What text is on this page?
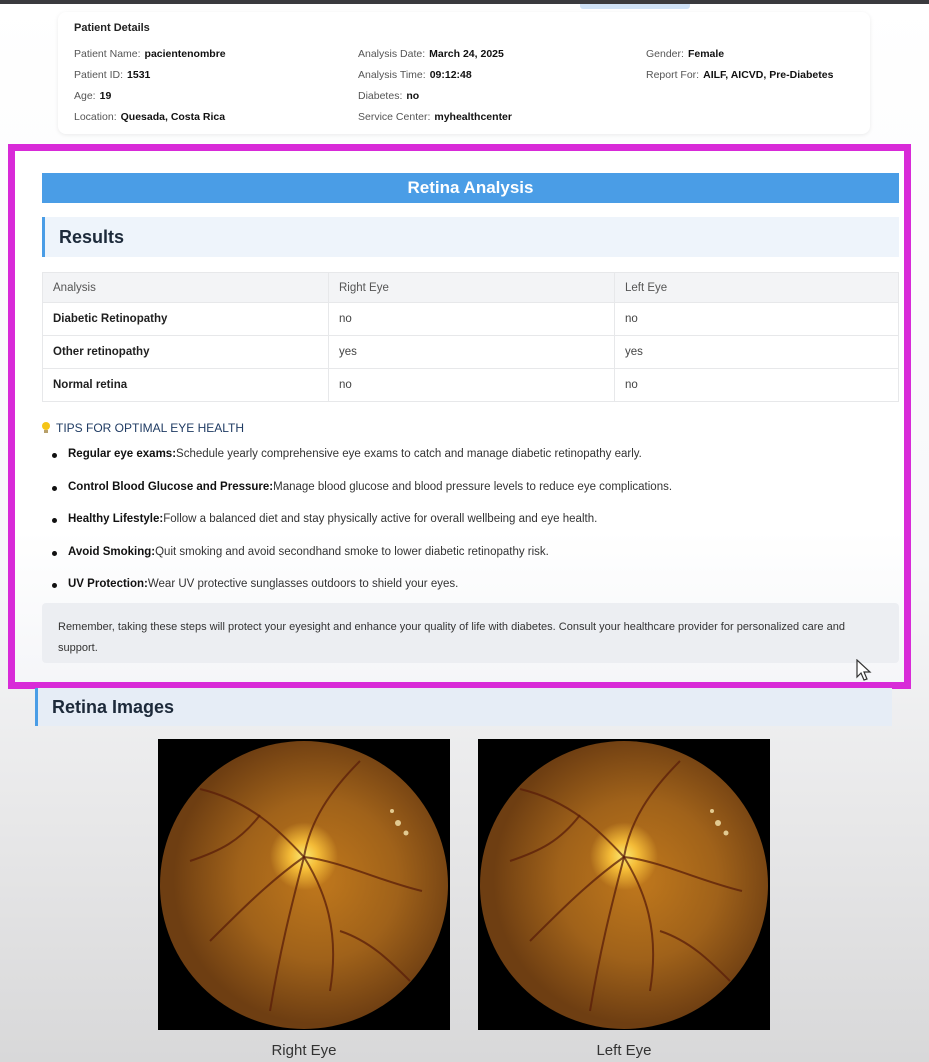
Patient Details
Patient Name: pacientenombre
Patient ID: 1531
Age: 19
Location: Quesada, Costa Rica
Analysis Date: March 24, 2025
Analysis Time: 09:12:48
Diabetes: no
Service Center: myhealthcenter
Gender: Female
Report For: AILF, AICVD, Pre-Diabetes
Retina Analysis
Results
Analysis	Right Eye	Left Eye
Diabetic Retinopathy	no	no
Other retinopathy	yes	yes
Normal retina	no	no
TIPS FOR OPTIMAL EYE HEALTH
Regular eye exams:Schedule yearly comprehensive eye exams to catch and manage diabetic retinopathy early.
Control Blood Glucose and Pressure:Manage blood glucose and blood pressure levels to reduce eye complications.
Healthy Lifestyle:Follow a balanced diet and stay physically active for overall wellbeing and eye health.
Avoid Smoking:Quit smoking and avoid secondhand smoke to lower diabetic retinopathy risk.
UV Protection:Wear UV protective sunglasses outdoors to shield your eyes.
Remember, taking these steps will protect your eyesight and enhance your quality of life with diabetes. Consult your healthcare provider for personalized care and support.
Retina Images
Right Eye	Left Eye
